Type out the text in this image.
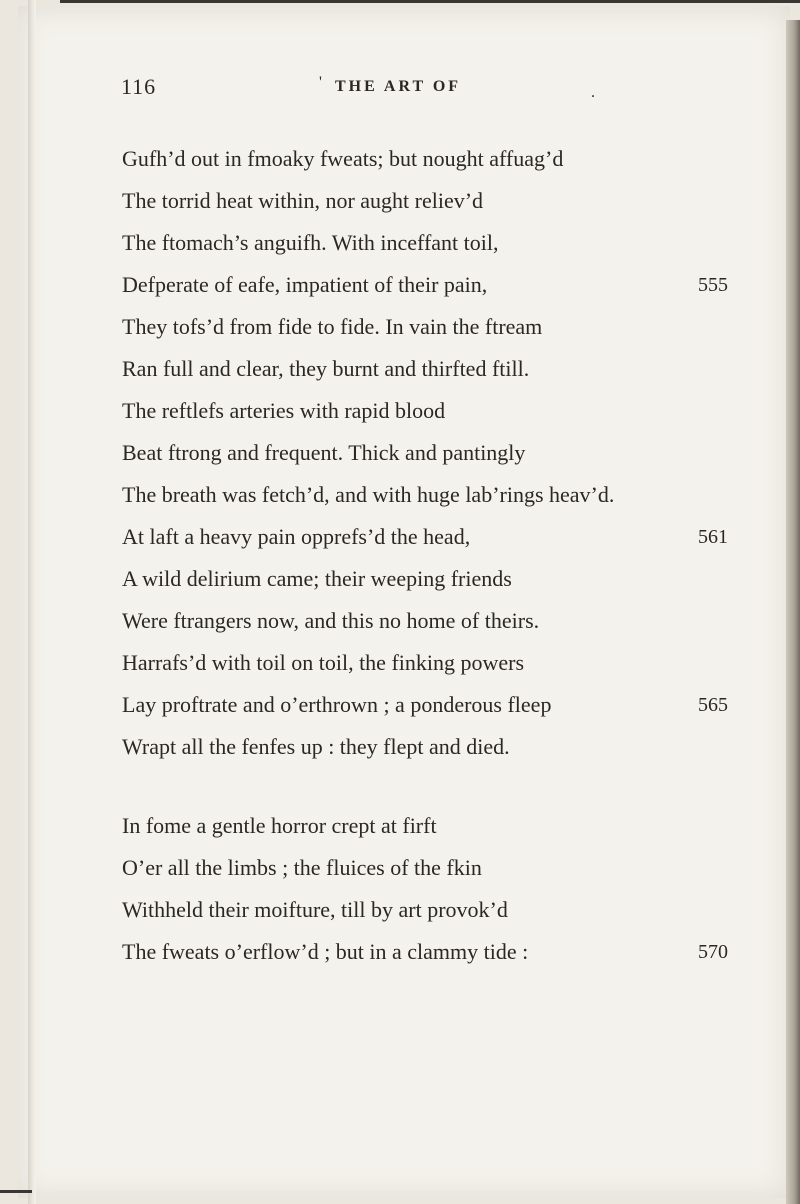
116	' THE ART OF	.
Gufh’d out in fmoaky fweats; but nought affuag’d
The torrid heat within, nor aught reliev’d
The ftomach’s anguifh. With inceffant toil,
Defperate of eafe, impatient of their pain,	555
They tofs’d from fide to fide. In vain the ftream
Ran full and clear, they burnt and thirfted ftill.
The reftlefs arteries with rapid blood
Beat ftrong and frequent. Thick and pantingly
The breath was fetch’d, and with huge lab’rings heav’d.
At laft a heavy pain opprefs’d the head,	561
A wild delirium came; their weeping friends
Were ftrangers now, and this no home of theirs.
Harrafs’d with toil on toil, the finking powers
Lay proftrate and o’erthrown ; a ponderous fleep	565
Wrapt all the fenfes up : they flept and died.
In fome a gentle horror crept at firft
O’er all the limbs ; the fluices of the fkin
Withheld their moifture, till by art provok’d
The fweats o’erflow’d ; but in a clammy tide :	570
